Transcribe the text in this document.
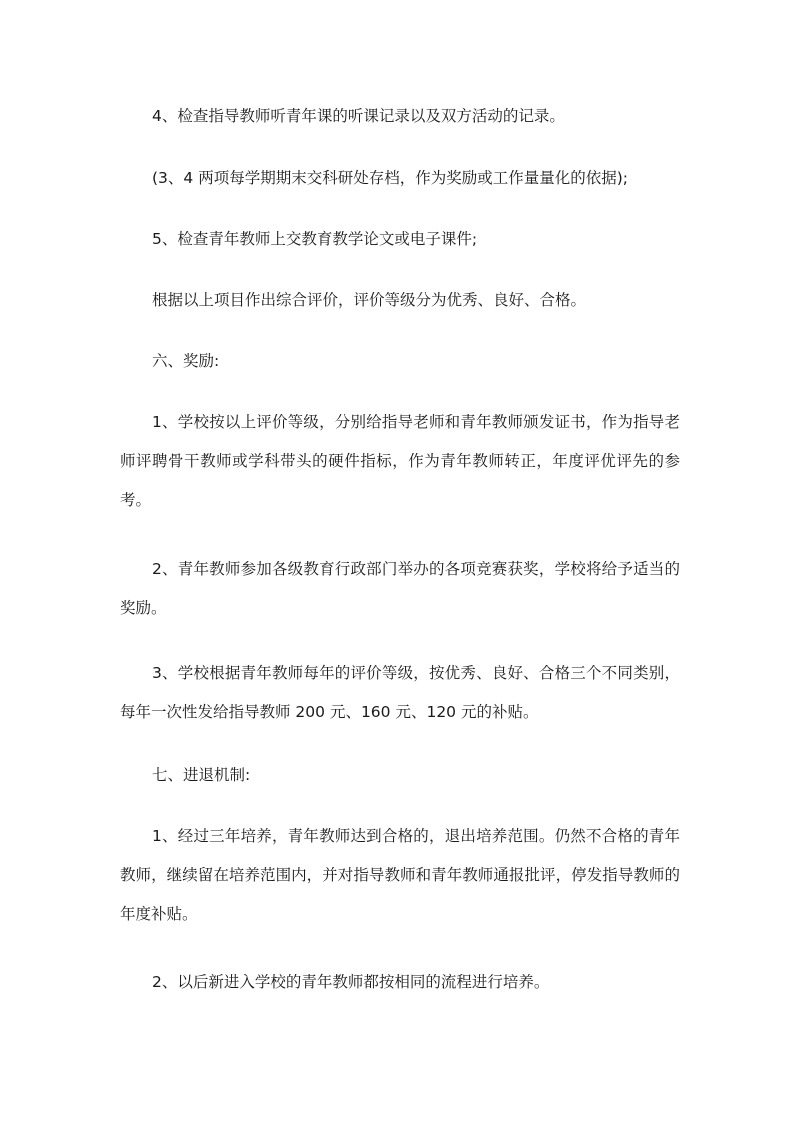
4、检查指导教师听青年课的听课记录以及双方活动的记录。

(3、4 两项每学期期末交科研处存档，作为奖励或工作量量化的依据);

5、检查青年教师上交教育教学论文或电子课件;

根据以上项目作出综合评价，评价等级分为优秀、良好、合格。

六、奖励:

1、学校按以上评价等级，分别给指导老师和青年教师颁发证书，作为指导老师评聘骨干教师或学科带头的硬件指标，作为青年教师转正，年度评优评先的参考。

2、青年教师参加各级教育行政部门举办的各项竞赛获奖，学校将给予适当的奖励。

3、学校根据青年教师每年的评价等级，按优秀、良好、合格三个不同类别，每年一次性发给指导教师 200 元、160 元、120 元的补贴。

七、进退机制:

1、经过三年培养，青年教师达到合格的，退出培养范围。仍然不合格的青年教师，继续留在培养范围内，并对指导教师和青年教师通报批评，停发指导教师的年度补贴。

2、以后新进入学校的青年教师都按相同的流程进行培养。
